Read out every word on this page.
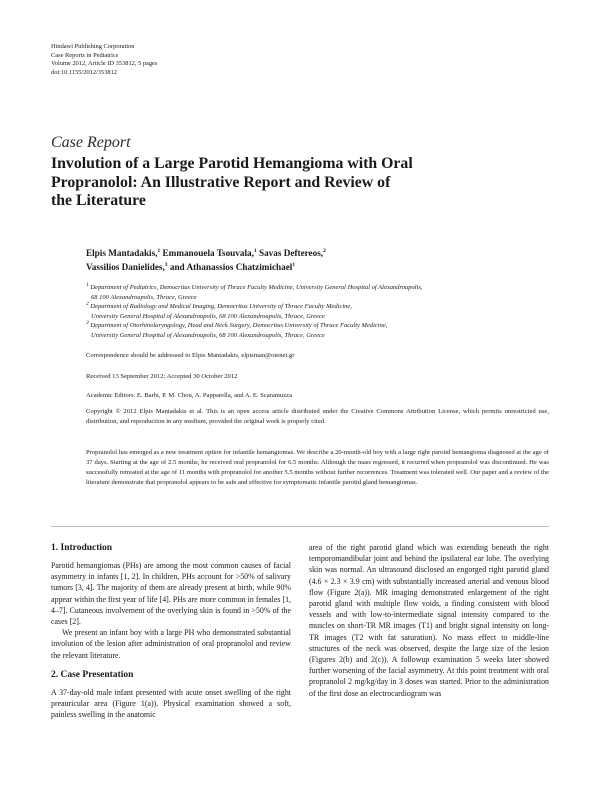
Hindawi Publishing Corporation
Case Reports in Pediatrics
Volume 2012, Article ID 353812, 5 pages
doi:10.1155/2012/353812
Case Report
Involution of a Large Parotid Hemangioma with Oral
Propranolol: An Illustrative Report and Review of
the Literature
Elpis Mantadakis,$^1$ Emmanouela Tsouvala,$^1$ Savas Deftereos,$^2$
Vassilios Danielides,$^3$ and Athanassios Chatzimichael$^1$
$^1$ Department of Pediatrics, Democritus University of Thrace Faculty Medicine, University General Hospital of Alexandroupolis,
68 100 Alexandroupolis, Thrace, Greece
$^2$ Department of Radiology and Medical Imaging, Democritus University of Thrace Faculty Medicine,
University General Hospital of Alexandroupolis, 68 100 Alexandroupolis, Thrace, Greece
$^3$ Department of Otorhinolaryngology, Head and Neck Surgery, Democritus University of Thrace Faculty Medicine,
University General Hospital of Alexandroupolis, 68 100 Alexandroupolis, Thrace, Greece
Correspondence should be addressed to Elpis Mantadakis, elpisman@otenet.gr
Received 13 September 2012; Accepted 30 October 2012
Academic Editors: E. Barbi, P. M. Chou, A. Papparella, and A. E. Scaramuzza
Copyright © 2012 Elpis Mantadakis et al. This is an open access article distributed under the Creative Commons Attribution License, which permits unrestricted use, distribution, and reproduction in any medium, provided the original work is properly cited.
Propranolol has emerged as a new treatment option for infantile hemangiomas. We describe a 20-month-old boy with a large right parotid hemangioma diagnosed at the age of 37 days. Starting at the age of 2.5 months, he received oral propranolol for 6.5 months. Although the mass regressed, it recurred when propranolol was discontinued. He was successfully retreated at the age of 11 months with propranolol for another 5.5 months without further recurrences. Treatment was tolerated well. Our paper and a review of the literature demonstrate that propranolol appears to be safe and effective for symptomatic infantile parotid gland hemangiomas.
1. Introduction

Parotid hemangiomas (PHs) are among the most common causes of facial asymmetry in infants [1, 2]. In children, PHs account for >50% of salivary tumors [3, 4]. The majority of them are already present at birth, while 90% appear within the first year of life [4]. PHs are more common in females [1, 4–7]. Cutaneous involvement of the overlying skin is found in >50% of the cases [2].

We present an infant boy with a large PH who demonstrated substantial involution of the lesion after administration of oral propranolol and review the relevant literature.

2. Case Presentation

A 37-day-old male infant presented with acute onset swelling of the right preauricular area (Figure 1(a)). Physical examination showed a soft, painless swelling in the anatomic

area of the right parotid gland which was extending beneath the right temporomandibular joint and behind the ipsilateral ear lobe. The overlying skin was normal. An ultrasound disclosed an engorged right parotid gland (4.6 × 2.3 × 3.9 cm) with substantially increased arterial and venous blood flow (Figure 2(a)). MR imaging demonstrated enlargement of the right parotid gland with multiple flow voids, a finding consistent with blood vessels and with low-to-intermediate signal intensity compared to the muscles on short-TR MR images (T1) and bright signal intensity on long-TR images (T2 with fat saturation). No mass effect to middle-line structures of the neck was observed, despite the large size of the lesion (Figures 2(b) and 2(c)). A followup examination 5 weeks later showed further worsening of the facial asymmetry. At this point treatment with oral propranolol 2 mg/kg/day in 3 doses was started. Prior to the administration of the first dose an electrocardiogram was
